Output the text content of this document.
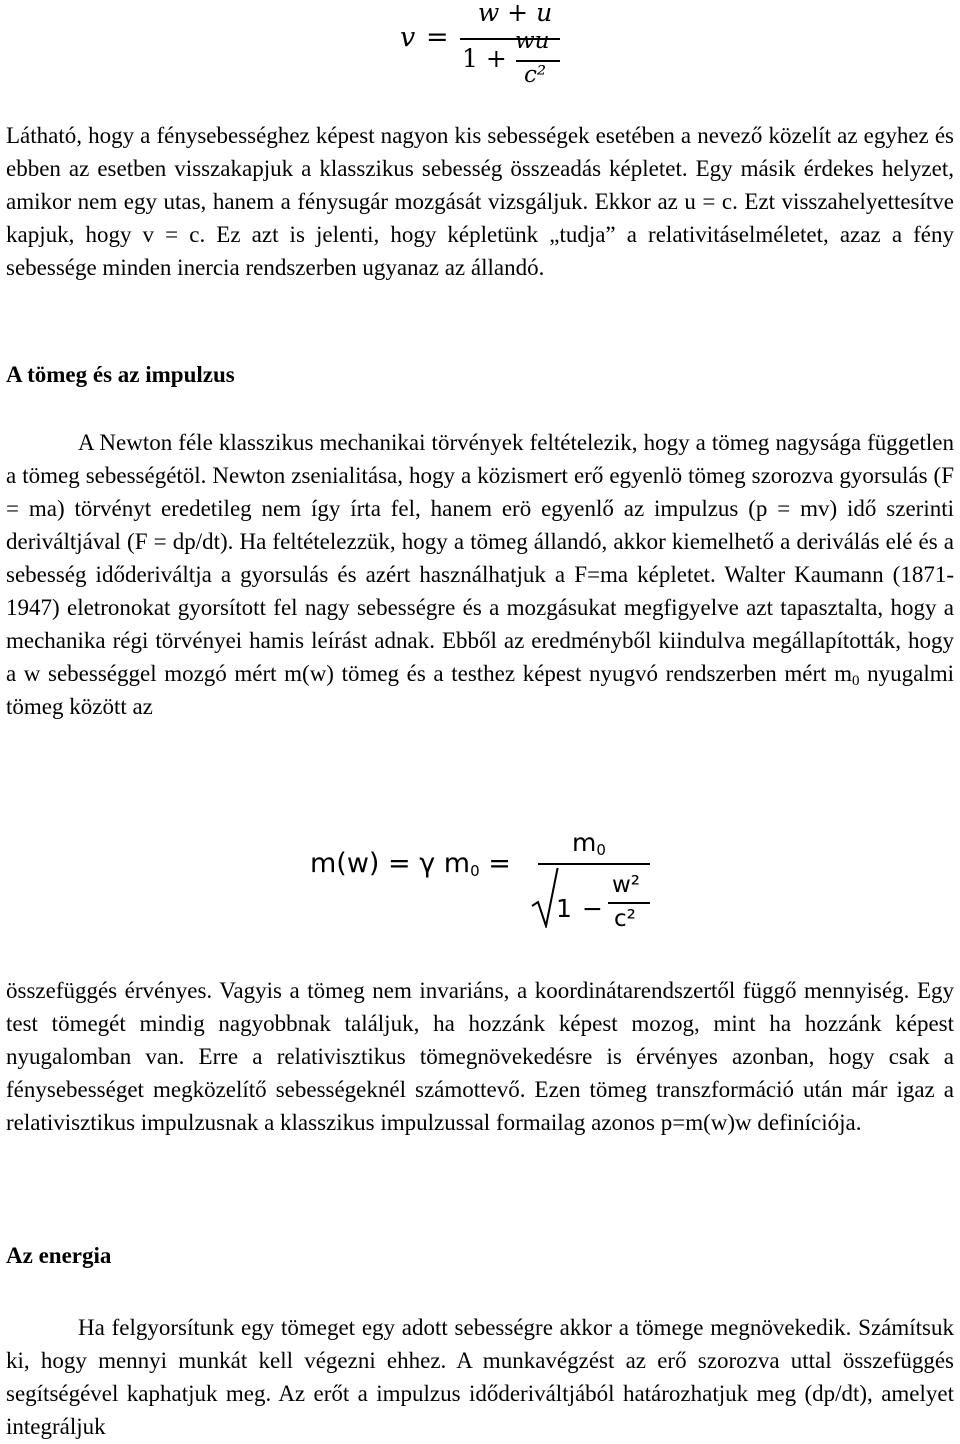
v =
w + u
1 +
wu
c²

Látható, hogy a fénysebességhez képest nagyon kis sebességek esetében a nevező közelít az egyhez és ebben az esetben visszakapjuk a klasszikus sebesség összeadás képletet. Egy másik érdekes helyzet, amikor nem egy utas, hanem a fénysugár mozgását vizsgáljuk. Ekkor az u = c. Ezt visszahelyettesítve kapjuk, hogy v = c. Ez azt is jelenti, hogy képletünk „tudja” a relativitáselméletet, azaz a fény sebessége minden inercia rendszerben ugyanaz az állandó.

A tömeg és az impulzus

A Newton féle klasszikus mechanikai törvények feltételezik, hogy a tömeg nagysága független a tömeg sebességétöl. Newton zsenialitása, hogy a közismert erő egyenlö tömeg szorozva gyorsulás (F = ma) törvényt eredetileg nem így írta fel, hanem erö egyenlő az impulzus (p = mv) idő szerinti deriváltjával (F = dp/dt). Ha feltételezzük, hogy a tömeg állandó, akkor kiemelhető a deriválás elé és a sebesség időderiváltja a gyorsulás és azért használhatjuk a F=ma képletet. Walter Kaumann (1871-1947) eletronokat gyorsított fel nagy sebességre és a mozgásukat megfigyelve azt tapasztalta, hogy a mechanika régi törvényei hamis leírást adnak. Ebből az eredményből kiindulva megállapították, hogy a w sebességgel mozgó mért m(w) tömeg és a testhez képest nyugvó rendszerben mért $m_0$ nyugalmi tömeg között az

m(w) = γ $m_0$ =
$m_0$
1 −
w²
c²

összefüggés érvényes. Vagyis a tömeg nem invariáns, a koordinátarendszertől függő mennyiség. Egy test tömegét mindig nagyobbnak találjuk, ha hozzánk képest mozog, mint ha hozzánk képest nyugalomban van. Erre a relativisztikus tömegnövekedésre is érvényes azonban, hogy csak a fénysebességet megközelítő sebességeknél számottevő. Ezen tömeg transzformáció után már igaz a relativisztikus impulzusnak a klasszikus impulzussal formailag azonos p=m(w)w definíciója.

Az energia

Ha felgyorsítunk egy tömeget egy adott sebességre akkor a tömege megnövekedik. Számítsuk ki, hogy mennyi munkát kell végezni ehhez. A munkavégzést az erő szorozva uttal összefüggés segítségével kaphatjuk meg. Az erőt a impulzus időderiváltjából határozhatjuk meg (dp/dt), amelyet integráljuk
